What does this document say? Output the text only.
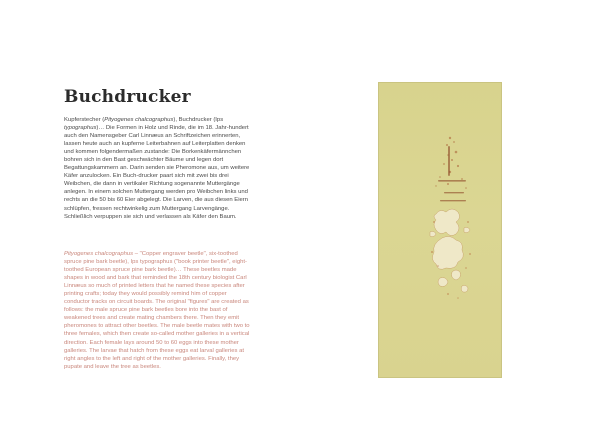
Buchdrucker

Kupferstecher (Pityogenes chalcographus), Buchdrucker (Ips typographus)… Die Formen in Holz und Rinde, die im 18. Jahr-hundert auch den Namensgeber Carl Linnæus an Schriftzeichen erinnerten, lassen heute auch an kupferne Leiterbahnen auf Leiterplatten denken und kommen folgendermaßen zustande: Die Borkenkäfermännchen bohren sich in den Bast geschwächter Bäume und legen dort Begattungskammern an. Darin senden sie Pheromone aus, um weitere Käfer anzulocken. Ein Buch-drucker paart sich mit zwei bis drei Weibchen, die dann in vertikaler Richtung sogenannte Muttergänge anlegen. In einem solchen Muttergang werden pro Weibchen links und rechts an die 50 bis 60 Eier abgelegt. Die Larven, die aus diesen Eiern schlüpfen, fressen rechtwinkelig zum Muttergang Larvengänge. Schließlich verpuppen sie sich und verlassen als Käfer den Baum.

Pityogenes chalcographus – "Copper engraver beetle", six-toothed spruce pine bark beetle), Ips typographus ("book printer beetle", eight-toothed European spruce pine bark beetle)… These beetles made shapes in wood and bark that reminded the 18th century biologist Carl Linnæus so much of printed letters that he named these species after printing crafts; today they would possibly remind him of copper conductor tracks on circuit boards. The original "figures" are created as follows: the male spruce pine bark beetles bore into the bast of weakened trees and create mating chambers there. Then they emit pheromones to attract other beetles. The male beetle mates with two to three females, which then create so-called mother galleries in a vertical direction. Each female lays around 50 to 60 eggs into these mother galleries. The larvae that hatch from these eggs eat larval galleries at right angles to the left and right of the mother galleries. Finally, they pupate and leave the tree as beetles.
